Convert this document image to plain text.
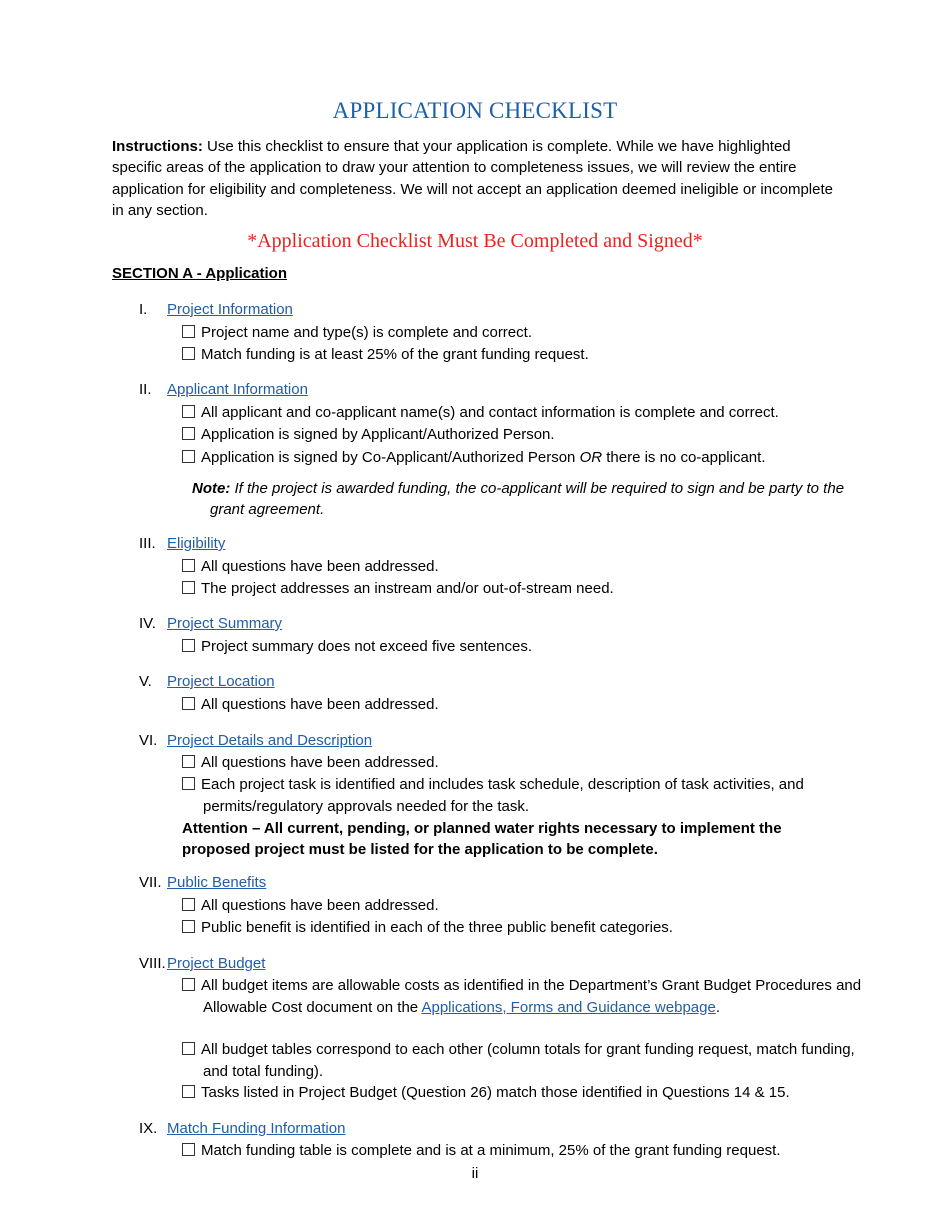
APPLICATION CHECKLIST
Instructions: Use this checklist to ensure that your application is complete. While we have highlighted specific areas of the application to draw your attention to completeness issues, we will review the entire application for eligibility and completeness. We will not accept an application deemed ineligible or incomplete in any section.
*Application Checklist Must Be Completed and Signed*
SECTION A - Application
I. Project Information
Project name and type(s) is complete and correct.
Match funding is at least 25% of the grant funding request.
II. Applicant Information
All applicant and co-applicant name(s) and contact information is complete and correct.
Application is signed by Applicant/Authorized Person.
Application is signed by Co-Applicant/Authorized Person OR there is no co-applicant.
Note: If the project is awarded funding, the co-applicant will be required to sign and be party to the grant agreement.
III. Eligibility
All questions have been addressed.
The project addresses an instream and/or out-of-stream need.
IV. Project Summary
Project summary does not exceed five sentences.
V. Project Location
All questions have been addressed.
VI. Project Details and Description
All questions have been addressed.
Each project task is identified and includes task schedule, description of task activities, and permits/regulatory approvals needed for the task.
Attention – All current, pending, or planned water rights necessary to implement the proposed project must be listed for the application to be complete.
VII. Public Benefits
All questions have been addressed.
Public benefit is identified in each of the three public benefit categories.
VIII. Project Budget
All budget items are allowable costs as identified in the Department’s Grant Budget Procedures and Allowable Cost document on the Applications, Forms and Guidance webpage.
All budget tables correspond to each other (column totals for grant funding request, match funding, and total funding).
Tasks listed in Project Budget (Question 26) match those identified in Questions 14 & 15.
IX. Match Funding Information
Match funding table is complete and is at a minimum, 25% of the grant funding request.
ii
